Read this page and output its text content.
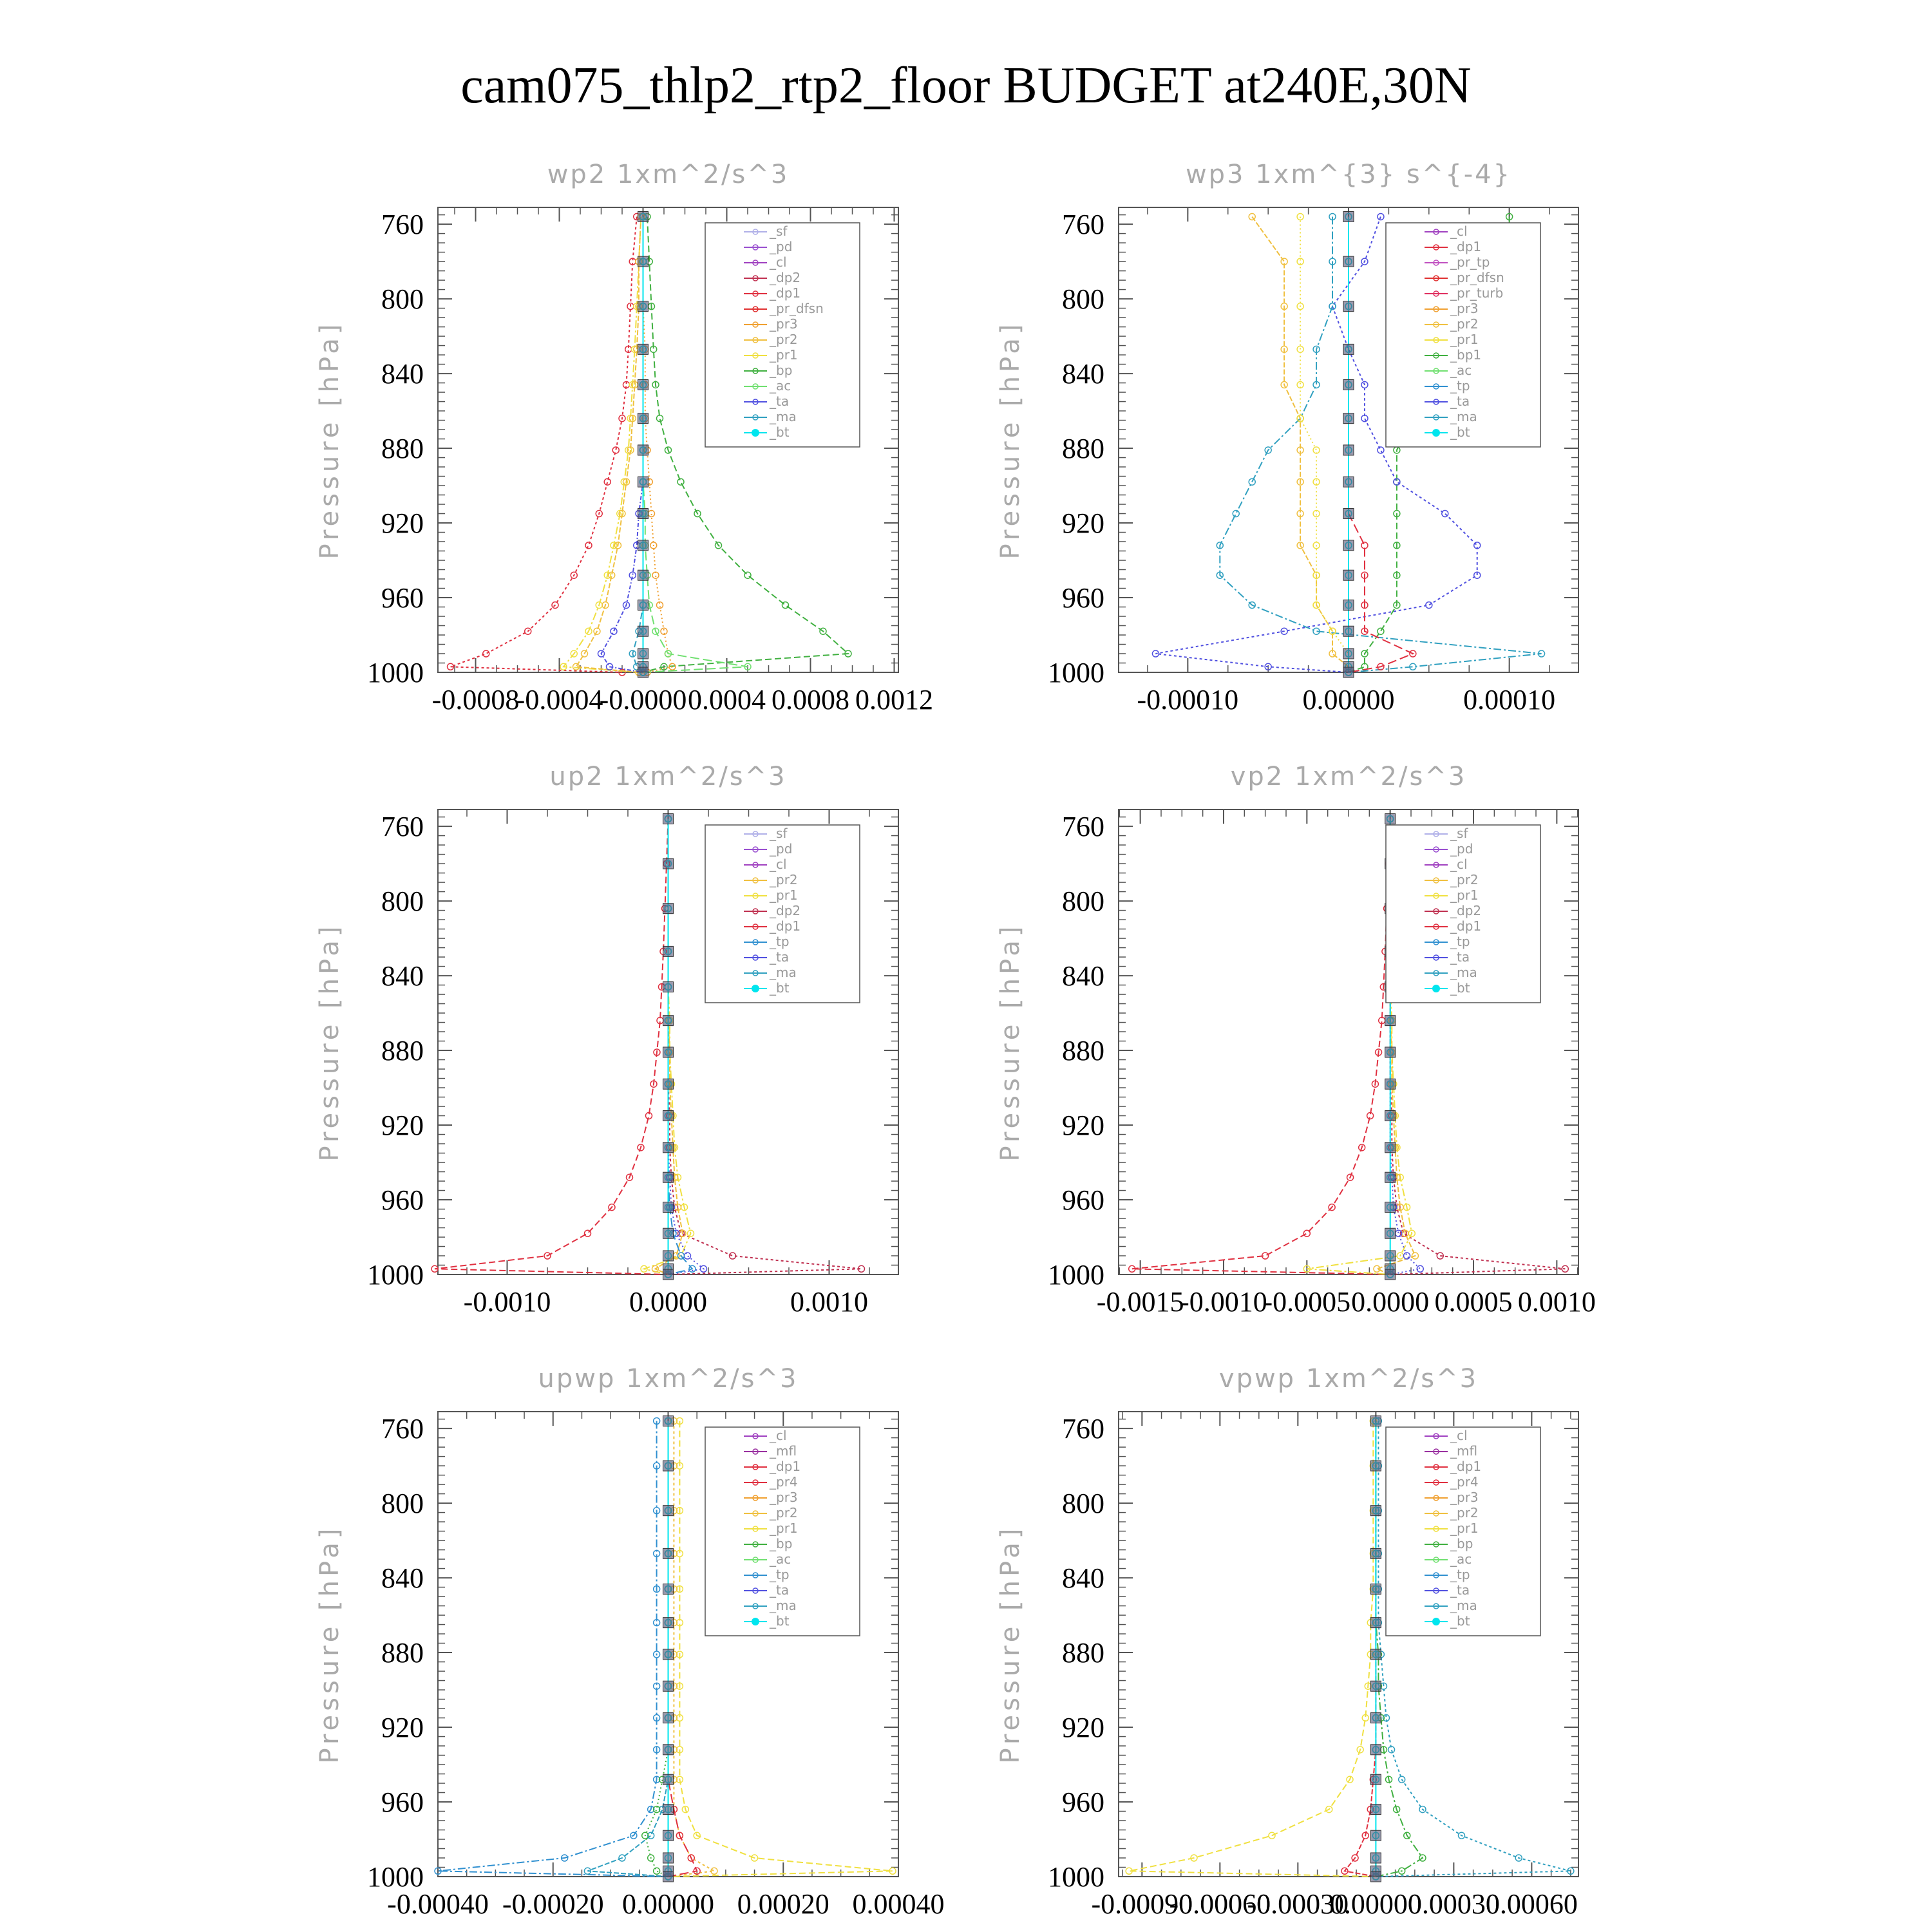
cam075_thlp2_rtp2_floor BUDGET at240E,30N
wp2 1xm^2/s^3
Pressure [hPa]
760
800
840
880
920
960
1000
-0.0008
-0.0004
-0.0000 0.0004 0.0008 0.0012
_sf
_pd
_cl
_dp2
_dp1
_pr_dfsn
_pr3
_pr2
_pr1
_bp
_ac
_ta
_ma
_bt
wp3 1xm^{3} s^{-4}
Pressure [hPa]
760
800
840
880
920
960
1000
-0.00010 0.00000 0.00010
_cl
_dp1
_pr_tp
_pr_dfsn
_pr_turb
_pr3
_pr2
_pr1
_bp1
_ac
_tp
_ta
_ma
_bt
up2 1xm^2/s^3
Pressure [hPa]
760
800
840
880
920
960
1000
-0.0010	0.0000	0.0010
_sf
_pd
_cl
_pr2
_pr1
_dp2
_dp1
_tp
_ta
_ma
_bt
vp2 1xm^2/s^3
Pressure [hPa]
760
800
840
880
920
960
1000
-0.0015
-0.0010
-0.0005 0.0000 0.0005 0.0010
_sf
_pd
_cl
_pr2
_pr1
_dp2
_dp1
_tp
_ta
_ma
_bt
upwp 1xm^2/s^3
Pressure [hPa]
760
800
840
880
920
960
1000
-0.00040 -0.00020 0.00000 0.00020 0.00040
_cl
_mfl
_dp1
_pr4
_pr3
_pr2
_pr1
_bp
_ac
_tp
_ta
_ma
_bt
vpwp 1xm^2/s^3
Pressure [hPa]
760
800
840
880
920
960
1000
-0.00090
-0.00060
-0.00030
0.00000
0.00030
0.00060
_cl
_mfl
_dp1
_pr4
_pr3
_pr2
_pr1
_bp
_ac
_tp
_ta
_ma
_bt
